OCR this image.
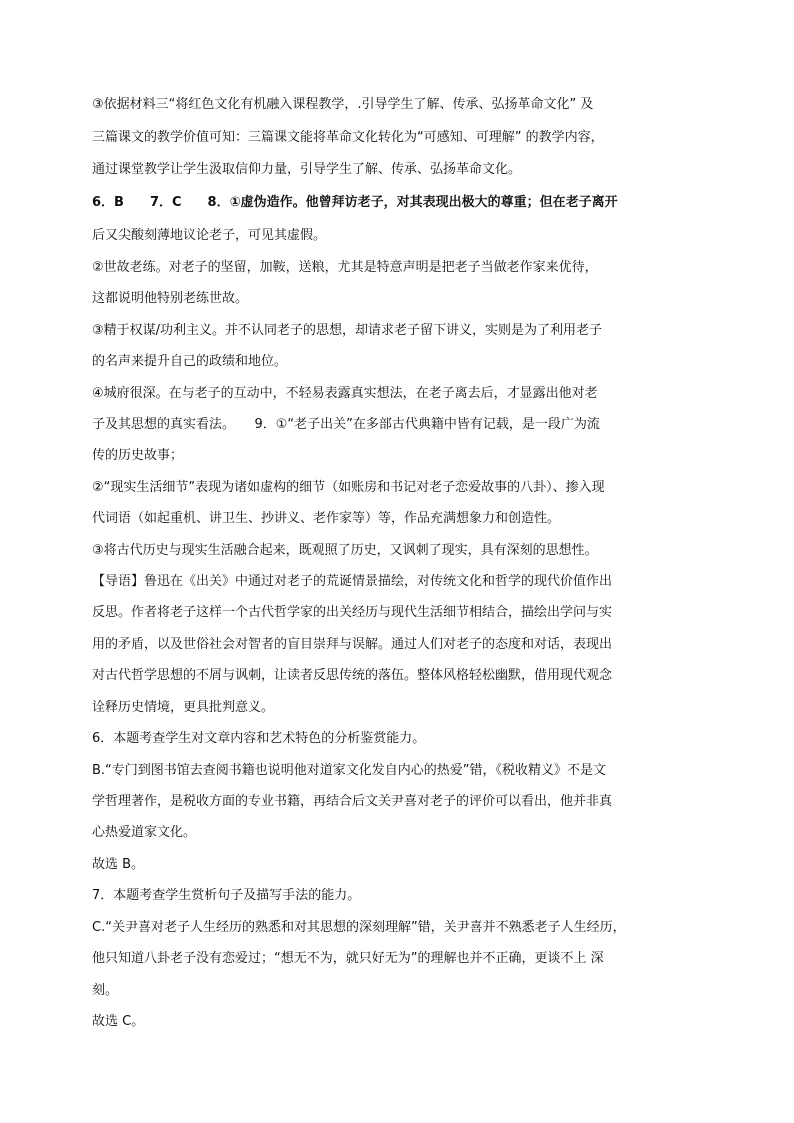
③依据材料三“将红色文化有机融入课程教学，.引导学生了解、传承、弘扬革命文化” 及
三篇课文的教学价值可知：三篇课文能将革命文化转化为“可感知、可理解” 的教学内容，
通过课堂教学让学生汲取信仰力量，引导学生了解、传承、弘扬革命文化。
6．B　　7．C　　8．①虚伪造作。他曾拜访老子，对其表现出极大的尊重；但在老子离开
后又尖酸刻薄地议论老子，可见其虚假。
②世故老练。对老子的坚留，加鞍，送粮，尤其是特意声明是把老子当做老作家来优待，
这都说明他特别老练世故。
③精于权谋/功利主义。并不认同老子的思想，却请求老子留下讲义，实则是为了利用老子
的名声来提升自己的政绩和地位。
④城府很深。在与老子的互动中，不轻易表露真实想法，在老子离去后，才显露出他对老
子及其思想的真实看法。　　9．①“老子出关”在多部古代典籍中皆有记载，是一段广为流
传的历史故事；
②“现实生活细节”表现为诸如虚构的细节（如账房和书记对老子恋爱故事的八卦）、掺入现
代词语（如起重机、讲卫生、抄讲义、老作家等）等，作品充满想象力和创造性。
③将古代历史与现实生活融合起来，既观照了历史，又讽刺了现实，具有深刻的思想性。
【导语】鲁迅在《出关》中通过对老子的荒诞情景描绘，对传统文化和哲学的现代价值作出
反思。作者将老子这样一个古代哲学家的出关经历与现代生活细节相结合，描绘出学问与实
用的矛盾，以及世俗社会对智者的盲目崇拜与误解。通过人们对老子的态度和对话，表现出
对古代哲学思想的不屑与讽刺，让读者反思传统的落伍。整体风格轻松幽默，借用现代观念
诠释历史情境，更具批判意义。
6．本题考查学生对文章内容和艺术特色的分析鉴赏能力。
B.“专门到图书馆去查阅书籍也说明他对道家文化发自内心的热爱”错，《税收精义》不是文
学哲理著作，是税收方面的专业书籍，再结合后文关尹喜对老子的评价可以看出，他并非真
心热爱道家文化。
故选 B。
7．本题考查学生赏析句子及描写手法的能力。
C.“关尹喜对老子人生经历的熟悉和对其思想的深刻理解”错，关尹喜并不熟悉老子人生经历，
他只知道八卦老子没有恋爱过；“想无不为，就只好无为”的理解也并不正确，更谈不上 深
刻。
故选 C。
